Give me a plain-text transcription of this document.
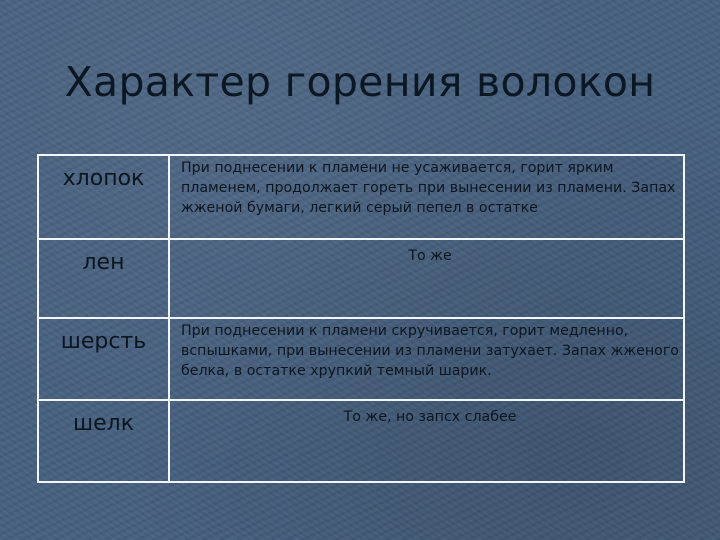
Характер горения волокон
хлопок	При поднесении к пламени не усаживается, горит ярким пламенем, продолжает гореть при вынесении из пламени. Запах жженой бумаги, легкий серый пепел в остатке
лен	То же
шерсть	При поднесении к пламени скручивается, горит медленно, вспышками, при вынесении из пламени затухает. Запах жженого белка, в остатке хрупкий темный шарик.
шелк	То же, но запсх слабее
